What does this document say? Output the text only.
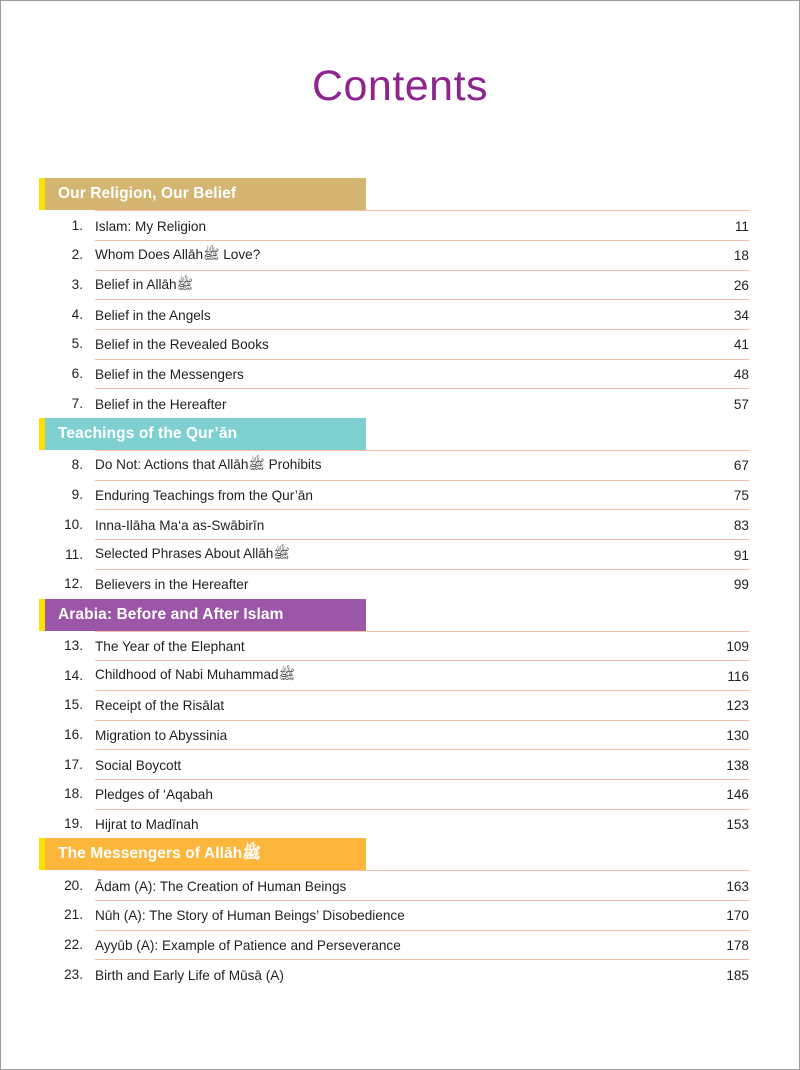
Contents
Our Religion, Our Belief
1. Islam: My Religion	11
2. Whom Does Allāhﷺ Love?	18
3. Belief in Allāhﷺ	26
4. Belief in the Angels	34
5. Belief in the Revealed Books	41
6. Belief in the Messengers	48
7. Belief in the Hereafter	57
Teachings of the Qur’ān
8. Do Not: Actions that Allāhﷺ Prohibits	67
9. Enduring Teachings from the Qur’ān	75
10. Inna-Ilāha Ma‘a as-Swābirīn	83
11. Selected Phrases About Allāhﷺ	91
12. Believers in the Hereafter	99
Arabia: Before and After Islam
13. The Year of the Elephant	109
14. Childhood of Nabi Muhammadﷺ	116
15. Receipt of the Risālat	123
16. Migration to Abyssinia	130
17. Social Boycott	138
18. Pledges of ‘Aqabah	146
19. Hijrat to Madīnah	153
The Messengers of Allāhﷺ
20. Ādam (A): The Creation of Human Beings	163
21. Nūh (A): The Story of Human Beings’ Disobedience	170
22. Ayyūb (A): Example of Patience and Perseverance	178
23. Birth and Early Life of Mūsā (A)	185
